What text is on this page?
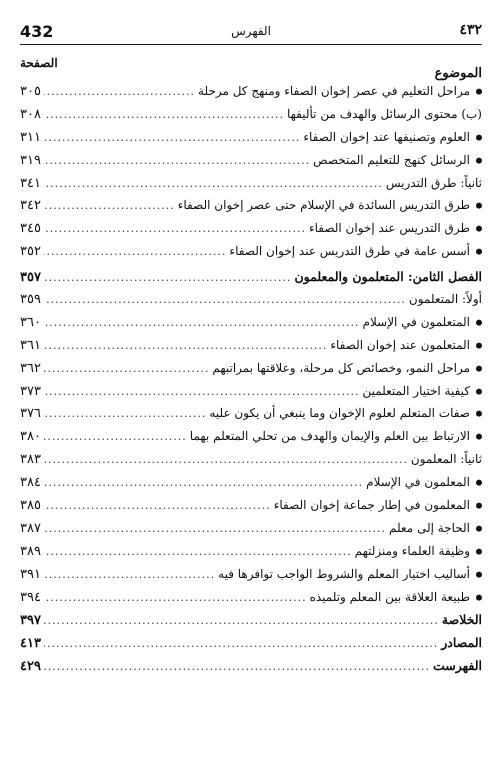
432	الفهرس	٤٣٢
الموضوع
الصفحة
مراحل التعليم في عصر إخوان الصفاء ومنهج كل مرحلة
.....
٣٠٥
(ب) محتوى الرسائل والهدف من تأليفها
.....
٣٠٨
العلوم وتصنيفها عند إخوان الصفاء
.....
٣١١
الرسائل كنهج للتعليم المتخصص
.....
٣١٩
ثانياً: طرق التدريس
.....
٣٤١
طرق التدريس السائدة في الإسلام حتى عصر إخوان الصفاء
.....
٣٤٢
طرق التدريس عند إخوان الصفاء
.....
٣٤٥
أسس عامة في طرق التدريس عند إخوان الصفاء
.....
٣٥٢
الفصل الثامن: المتعلمون والمعلمون
.....
٣٥٧
أولاً: المتعلمون
.....
٣٥٩
المتعلمون في الإسلام
.....
٣٦٠
المتعلمون عند إخوان الصفاء
.....
٣٦١
مراحل النمو، وخصائص كل مرحلة، وعلاقتها بمراتبهم
.....
٣٦٢
كيفية اختيار المتعلمين
.....
٣٧٣
صفات المتعلم لعلوم الإخوان وما ينبغي أن يكون عليه
.....
٣٧٦
الارتباط بين العلم والإيمان والهدف من تحلي المتعلم بهما
.....
٣٨٠
ثانياً: المعلمون
.....
٣٨٣
المعلمون في الإسلام
.....
٣٨٤
المعلمون في إطار جماعة إخوان الصفاء
.....
٣٨٥
الحاجة إلى معلم
.....
٣٨٧
وظيفة العلماء ومنزلتهم
.....
٣٨٩
أساليب اختيار المعلم والشروط الواجب توافرها فيه
.....
٣٩١
طبيعة العلاقة بين المعلم وتلميذه
.....
٣٩٤
الخلاصة
.....
٣٩٧
المصادر
.....
٤١٣
الفهرست
.....
٤٢٩
